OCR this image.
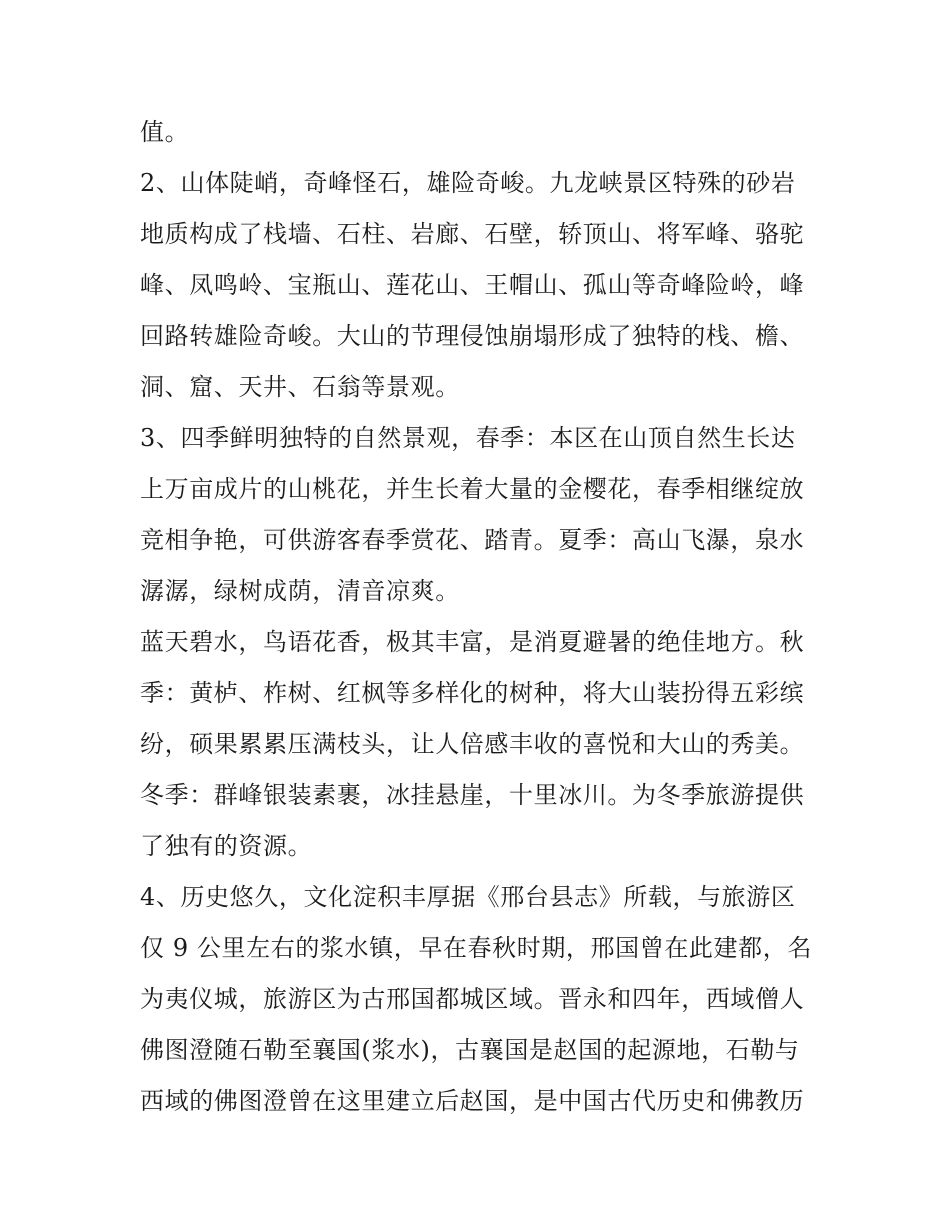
值。
2、山体陡峭，奇峰怪石，雄险奇峻。九龙峡景区特殊的砂岩
地质构成了栈墙、石柱、岩廊、石壁，轿顶山、将军峰、骆驼
峰、凤鸣岭、宝瓶山、莲花山、王帽山、孤山等奇峰险岭，峰
回路转雄险奇峻。大山的节理侵蚀崩塌形成了独特的栈、檐、
洞、窟、天井、石翁等景观。
3、四季鲜明独特的自然景观，春季：本区在山顶自然生长达
上万亩成片的山桃花，并生长着大量的金樱花，春季相继绽放
竞相争艳，可供游客春季赏花、踏青。夏季：高山飞瀑，泉水
潺潺，绿树成荫，清音凉爽。
蓝天碧水，鸟语花香，极其丰富，是消夏避暑的绝佳地方。秋
季：黄栌、柞树、红枫等多样化的树种，将大山装扮得五彩缤
纷，硕果累累压满枝头，让人倍感丰收的喜悦和大山的秀美。
冬季：群峰银装素裹，冰挂悬崖，十里冰川。为冬季旅游提供
了独有的资源。
4、历史悠久，文化淀积丰厚据《邢台县志》所载，与旅游区
仅 9 公里左右的浆水镇，早在春秋时期，邢国曾在此建都，名
为夷仪城，旅游区为古邢国都城区域。晋永和四年，西域僧人
佛图澄随石勒至襄国(浆水)，古襄国是赵国的起源地，石勒与
西域的佛图澄曾在这里建立后赵国，是中国古代历史和佛教历
